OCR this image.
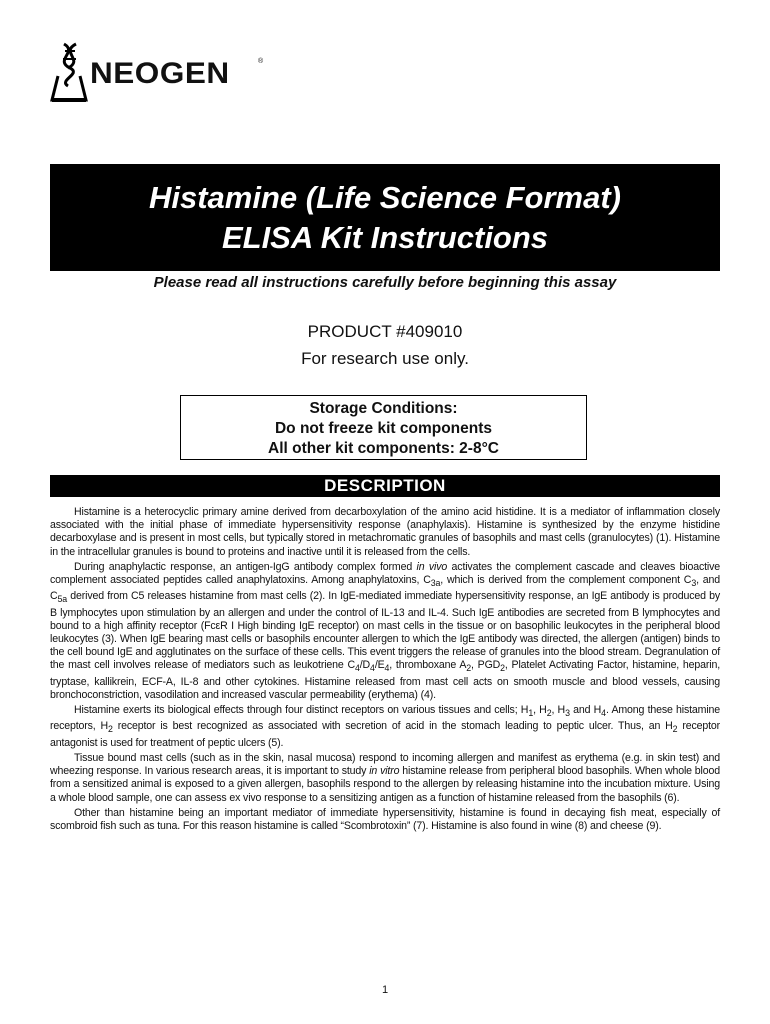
NEOGEN	®
Histamine (Life Science Format)
ELISA Kit Instructions
Please read all instructions carefully before beginning this assay
PRODUCT #409010
For research use only.
Storage Conditions:
Do not freeze kit components
All other kit components: 2-8°C
DESCRIPTION

Histamine is a heterocyclic primary amine derived from decarboxylation of the amino acid histidine. It is a mediator of inflammation closely associated with the initial phase of immediate hypersensitivity response (anaphylaxis). Histamine is synthesized by the enzyme histidine decarboxylase and is present in most cells, but typically stored in metachromatic granules of basophils and mast cells (granulocytes) (1). Histamine in the intracellular granules is bound to proteins and inactive until it is released from the cells.

During anaphylactic response, an antigen-IgG antibody complex formed in vivo activates the complement cascade and cleaves bioactive complement associated peptides called anaphylatoxins. Among anaphylatoxins, $C_{3a}$, which is derived from the complement component $C_3$, and $C_{5a}$ derived from C5 releases histamine from mast cells (2). In IgE-mediated immediate hypersensitivity response, an IgE antibody is produced by B lymphocytes upon stimulation by an allergen and under the control of IL-13 and IL-4. Such IgE antibodies are secreted from B lymphocytes and bound to a high affinity receptor (FcεR I High binding IgE receptor) on mast cells in the tissue or on basophilic leukocytes in the peripheral blood leukocytes (3). When IgE bearing mast cells or basophils encounter allergen to which the IgE antibody was directed, the allergen (antigen) binds to the cell bound IgE and agglutinates on the surface of these cells. This event triggers the release of granules into the blood stream. Degranulation of the mast cell involves release of mediators such as leukotriene $C_4/D_4/E_4$, thromboxane $A_2$, $PGD_2$, Platelet Activating Factor, histamine, heparin, tryptase, kallikrein, ECF-A, IL-8 and other cytokines. Histamine released from mast cell acts on smooth muscle and blood vessels, causing bronchoconstriction, vasodilation and increased vascular permeability (erythema) (4).

Histamine exerts its biological effects through four distinct receptors on various tissues and cells; $H_1$, $H_2$, $H_3$ and $H_4$. Among these histamine receptors, $H_2$ receptor is best recognized as associated with secretion of acid in the stomach leading to peptic ulcer. Thus, an $H_2$ receptor antagonist is used for treatment of peptic ulcers (5).

Tissue bound mast cells (such as in the skin, nasal mucosa) respond to incoming allergen and manifest as erythema (e.g. in skin test) and wheezing response. In various research areas, it is important to study in vitro histamine release from peripheral blood basophils. When whole blood from a sensitized animal is exposed to a given allergen, basophils respond to the allergen by releasing histamine into the incubation mixture. Using a whole blood sample, one can assess ex vivo response to a sensitizing antigen as a function of histamine released from the basophils (6).

Other than histamine being an important mediator of immediate hypersensitivity, histamine is found in decaying fish meat, especially of scombroid fish such as tuna. For this reason histamine is called “Scombrotoxin” (7). Histamine is also found in wine (8) and cheese (9).

1
